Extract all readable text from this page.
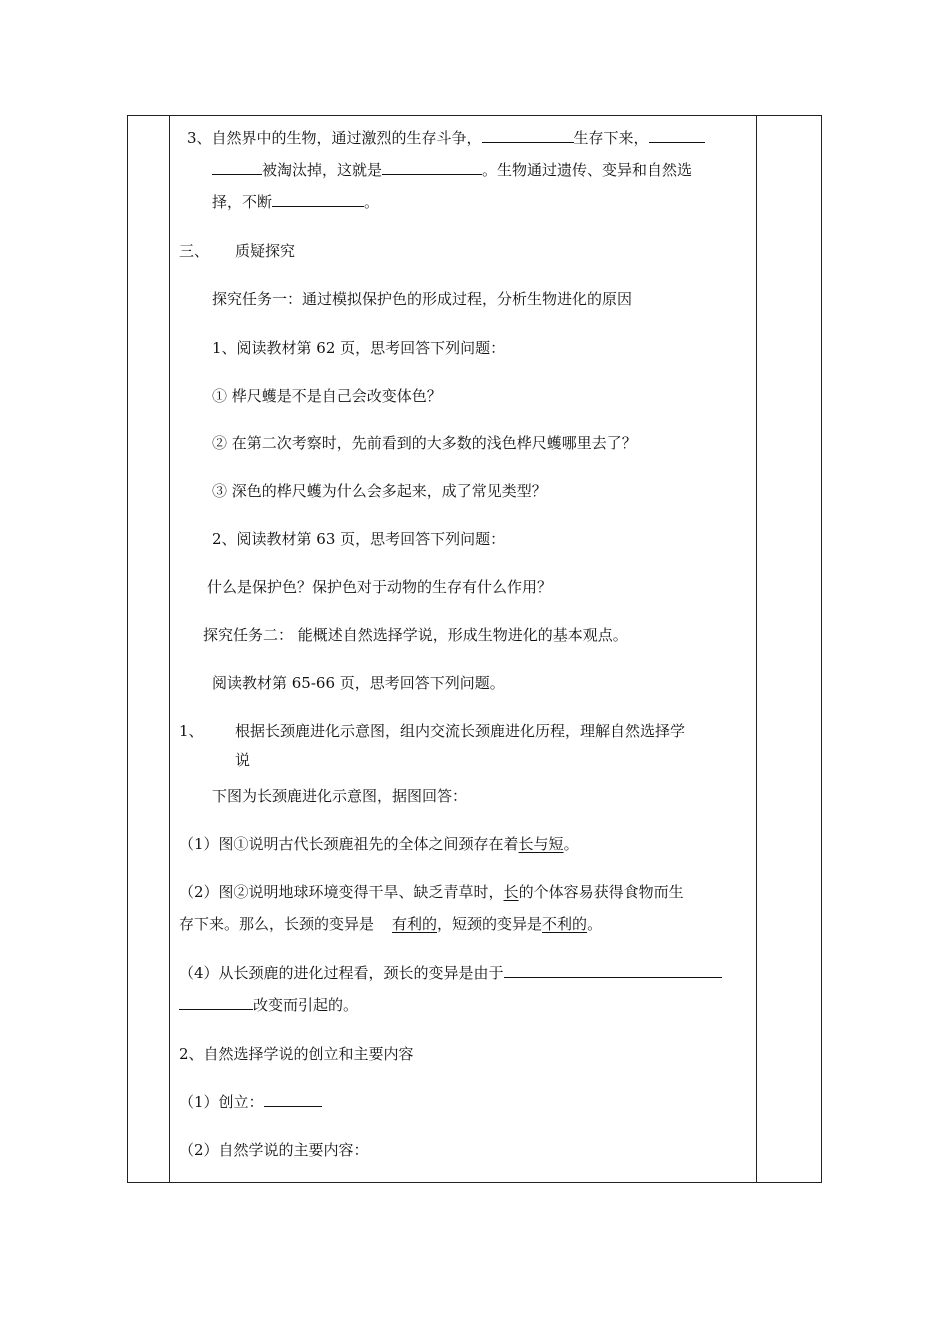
3、自然界中的生物，通过激烈的生存斗争，	生存下来，
被淘汰掉，这就是	。生物通过遗传、变异和自然选
择，不断	。
三、 质疑探究
探究任务一：通过模拟保护色的形成过程，分析生物进化的原因
1、阅读教材第 62 页，思考回答下列问题：
① 桦尺蠖是不是自己会改变体色？
② 在第二次考察时，先前看到的大多数的浅色桦尺蠖哪里去了？
③ 深色的桦尺蠖为什么会多起来，成了常见类型？
2、阅读教材第 63 页，思考回答下列问题：
什么是保护色？保护色对于动物的生存有什么作用？
探究任务二： 能概述自然选择学说，形成生物进化的基本观点。
阅读教材第 65-66 页，思考回答下列问题。
1、 根据长颈鹿进化示意图，组内交流长颈鹿进化历程，理解自然选择学
说
下图为长颈鹿进化示意图，据图回答：
（1）图①说明古代长颈鹿祖先的全体之间颈存在着长与短。
（2）图②说明地球环境变得干旱、缺乏青草时，长的个体容易获得食物而生
存下来。那么，长颈的变异是 有利的，短颈的变异是不利的。
（4）从长颈鹿的进化过程看，颈长的变异是由于
改变而引起的。
2、自然选择学说的创立和主要内容
（1）创立：
（2）自然学说的主要内容：
